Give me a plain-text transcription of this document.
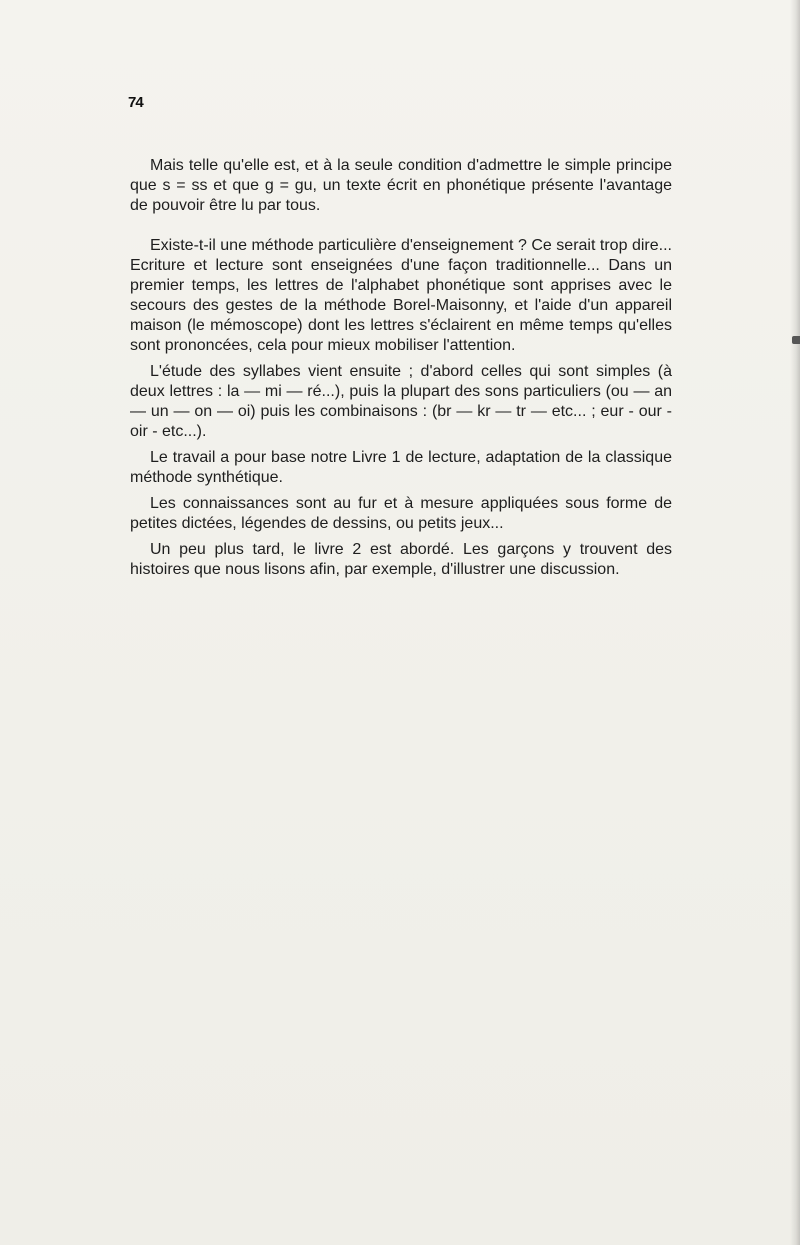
74

Mais telle qu'elle est, et à la seule condition d'admettre le simple principe que s = ss et que g = gu, un texte écrit en phonétique présente l'avantage de pouvoir être lu par tous.

Existe-t-il une méthode particulière d'enseignement ? Ce serait trop dire... Ecriture et lecture sont enseignées d'une façon traditionnelle... Dans un premier temps, les lettres de l'alphabet phonétique sont apprises avec le secours des gestes de la méthode Borel-Maisonny, et l'aide d'un appareil maison (le mémoscope) dont les lettres s'éclairent en même temps qu'elles sont prononcées, cela pour mieux mobiliser l'attention.

L'étude des syllabes vient ensuite ; d'abord celles qui sont simples (à deux lettres : la — mi — ré...), puis la plupart des sons particuliers (ou — an — un — on — oi) puis les combinaisons : (br — kr — tr — etc... ; eur - our - oir - etc...).

Le travail a pour base notre Livre 1 de lecture, adaptation de la classique méthode synthétique.

Les connaissances sont au fur et à mesure appliquées sous forme de petites dictées, légendes de dessins, ou petits jeux...

Un peu plus tard, le livre 2 est abordé. Les garçons y trouvent des histoires que nous lisons afin, par exemple, d'illustrer une discussion.
